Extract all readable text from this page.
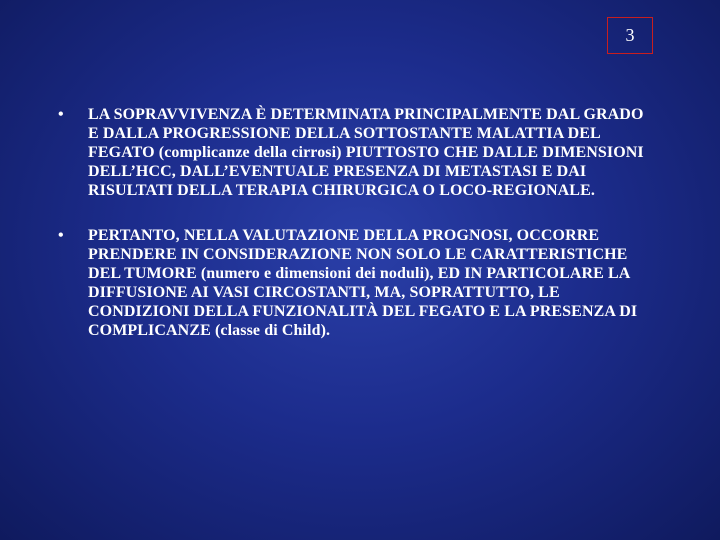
3
• LA SOPRAVVIVENZA È DETERMINATA PRINCIPALMENTE DAL GRADO E DALLA PROGRESSIONE DELLA SOTTOSTANTE MALATTIA DEL FEGATO (complicanze della cirrosi) PIUTTOSTO CHE DALLE DIMENSIONI DELL’HCC, DALL’EVENTUALE PRESENZA DI METASTASI E DAI RISULTATI DELLA TERAPIA CHIRURGICA O LOCO-REGIONALE.
• PERTANTO, NELLA VALUTAZIONE DELLA PROGNOSI, OCCORRE PRENDERE IN CONSIDERAZIONE NON SOLO LE CARATTERISTICHE DEL TUMORE (numero e dimensioni dei noduli), ED IN PARTICOLARE LA DIFFUSIONE AI VASI CIRCOSTANTI, MA, SOPRATTUTTO, LE CONDIZIONI DELLA FUNZIONALITÀ DEL FEGATO E LA PRESENZA DI COMPLICANZE (classe di Child).
